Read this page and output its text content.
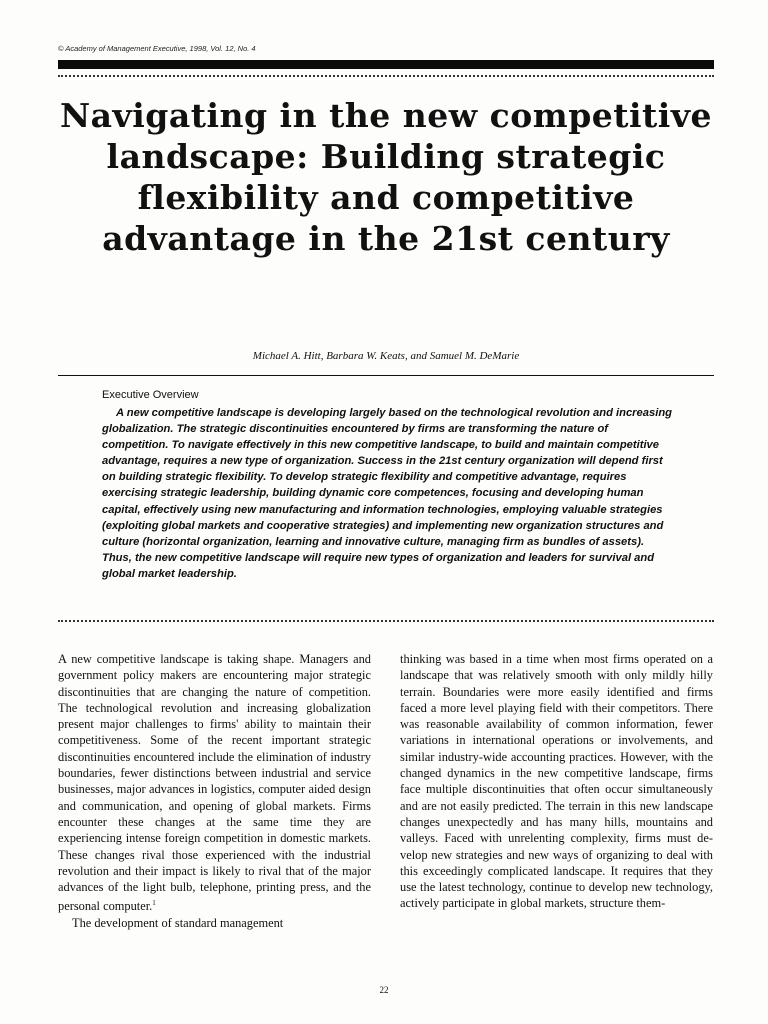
© Academy of Management Executive, 1998, Vol. 12, No. 4
Navigating in the new competitive landscape: Building strategic flexibility and competitive advantage in the 21st century
Michael A. Hitt, Barbara W. Keats, and Samuel M. DeMarie
Executive Overview

A new competitive landscape is developing largely based on the technological revolution and increasing globalization. The strategic discontinuities encountered by firms are transforming the nature of competition. To navigate effectively in this new competitive landscape, to build and maintain competitive advantage, requires a new type of organization. Success in the 21st century organization will depend first on building strategic flexibility. To develop strategic flexibility and competitive advantage, requires exercising strategic leadership, building dynamic core competences, focusing and developing human capital, effectively using new manufacturing and information technologies, employing valuable strategies (exploiting global markets and cooperative strategies) and implementing new organization structures and culture (horizontal organization, learning and innovative culture, managing firm as bundles of assets). Thus, the new competitive landscape will require new types of organization and leaders for survival and global market leadership.

A new competitive landscape is taking shape. Managers and government policy makers are encountering major strategic discontinuities that are changing the nature of competition. The technological revolution and increasing globalization present major challenges to firms' ability to maintain their competitiveness. Some of the recent important strategic discontinuities encountered include the elimination of industry boundaries, fewer distinctions between industrial and service businesses, major advances in logistics, computer aided design and communication, and opening of global markets. Firms encounter these changes at the same time they are experiencing intense foreign competition in domestic markets. These changes rival those experienced with the industrial revolution and their impact is likely to rival that of the major advances of the light bulb, telephone, printing press, and the personal computer.$^1$

The development of standard management

thinking was based in a time when most firms operated on a landscape that was relatively smooth with only mildly hilly terrain. Boundaries were more easily identified and firms faced a more level playing field with their competitors. There was reasonable availability of common information, fewer variations in international operations or involvements, and similar industry-wide accounting practices. However, with the changed dynamics in the new competitive landscape, firms face multiple discontinuities that often occur simultaneously and are not easily predicted. The terrain in this new landscape changes unexpectedly and has many hills, mountains and valleys. Faced with unrelenting complexity, firms must develop new strategies and new ways of organizing to deal with this exceedingly complicated landscape. It requires that they use the latest technology, continue to develop new technology, actively participate in global markets, structure them-

22
